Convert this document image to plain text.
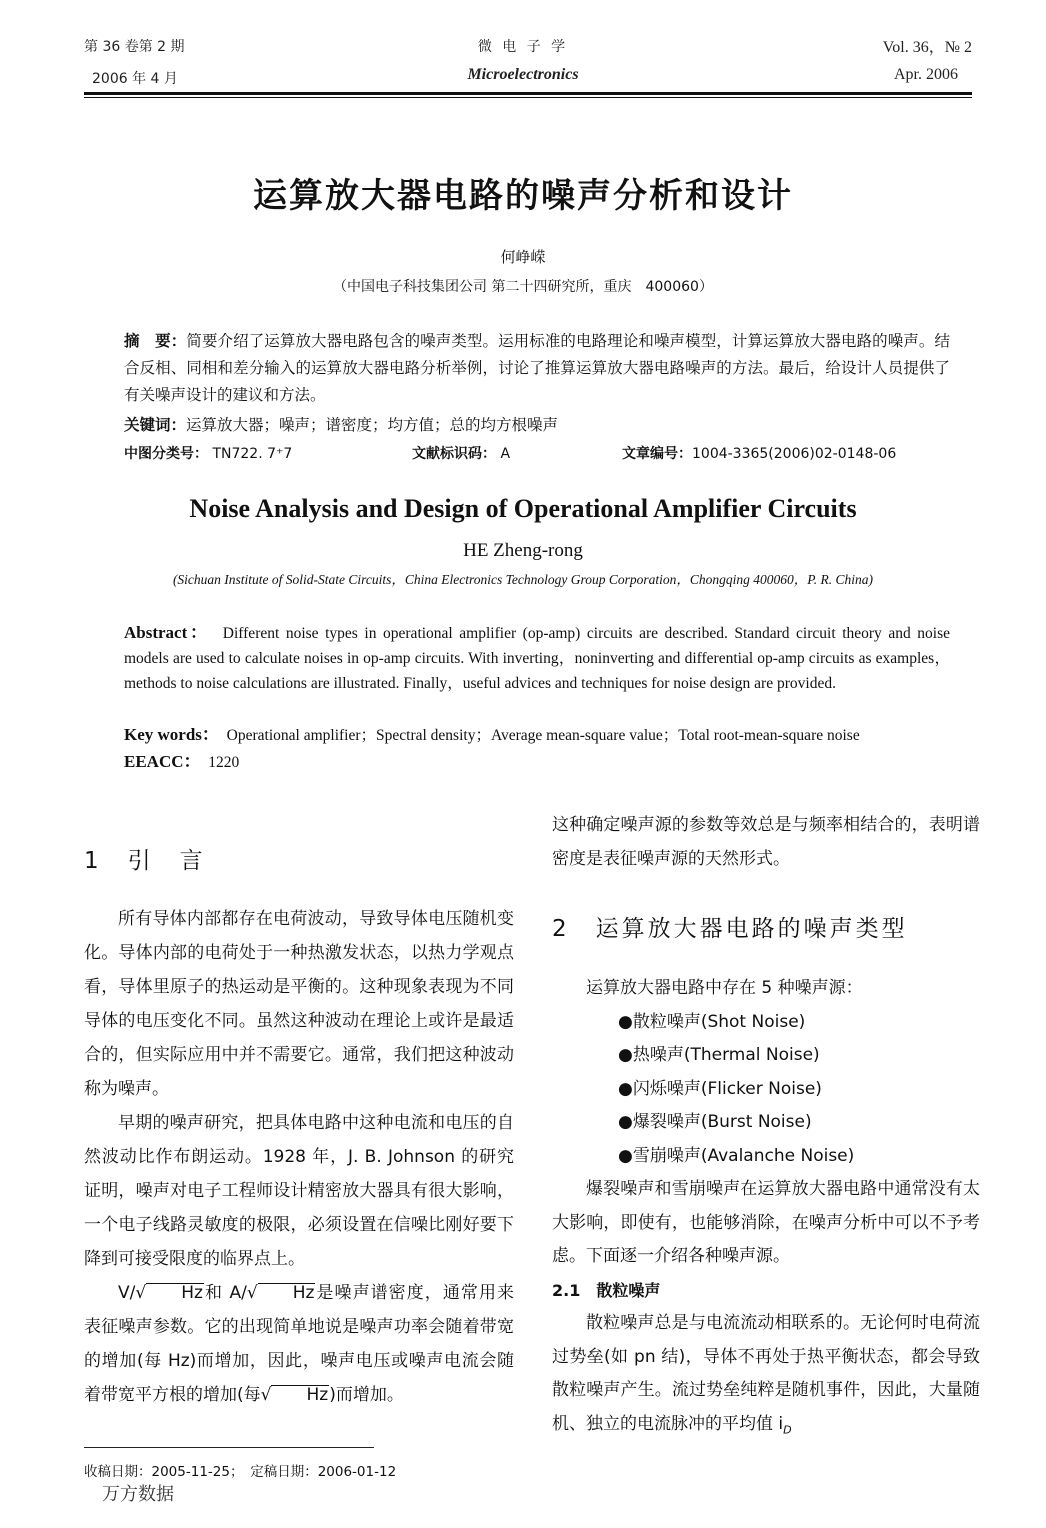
第 36 卷第 2 期	微 电 子 学	Vol. 36，№ 2
2006 年 4 月	Microelectronics	Apr. 2006
运算放大器电路的噪声分析和设计
何峥嵘
（中国电子科技集团公司 第二十四研究所，重庆　400060）
摘　要：简要介绍了运算放大器电路包含的噪声类型。运用标准的电路理论和噪声模型，计算运算放大器电路的噪声。结合反相、同相和差分输入的运算放大器电路分析举例，讨论了推算运算放大器电路噪声的方法。最后，给设计人员提供了有关噪声设计的建议和方法。
关键词：运算放大器；噪声；谱密度；均方值；总的均方根噪声
中图分类号： TN722. 7⁺7	文献标识码： A	文章编号：1004-3365(2006)02-0148-06
Noise Analysis and Design of Operational Amplifier Circuits
HE Zheng-rong
(Sichuan Institute of Solid-State Circuits，China Electronics Technology Group Corporation，Chongqing 400060，P. R. China)
Abstract： Different noise types in operational amplifier (op-amp) circuits are described. Standard circuit theory and noise models are used to calculate noises in op-amp circuits. With inverting，noninverting and differential op-amp circuits as examples，methods to noise calculations are illustrated. Finally，useful advices and techniques for noise design are provided.
Key words： Operational amplifier；Spectral density；Average mean-square value；Total root-mean-square noise
EEACC： 1220
1　引　言

所有导体内部都存在电荷波动，导致导体电压随机变化。导体内部的电荷处于一种热激发状态，以热力学观点看，导体里原子的热运动是平衡的。这种现象表现为不同导体的电压变化不同。虽然这种波动在理论上或许是最适合的，但实际应用中并不需要它。通常，我们把这种波动称为噪声。

早期的噪声研究，把具体电路中这种电流和电压的自然波动比作布朗运动。1928 年，J. B. Johnson 的研究证明，噪声对电子工程师设计精密放大器具有很大影响，一个电子线路灵敏度的极限，必须设置在信噪比刚好要下降到可接受限度的临界点上。

V/√ Hz和 A/√ Hz是噪声谱密度，通常用来表征噪声参数。它的出现简单地说是噪声功率会随着带宽的增加(每 Hz)而增加，因此，噪声电压或噪声电流会随着带宽平方根的增加(每√ Hz)而增加。

这种确定噪声源的参数等效总是与频率相结合的，表明谱密度是表征噪声源的天然形式。

2　运算放大器电路的噪声类型

运算放大器电路中存在 5 种噪声源：

●散粒噪声(Shot Noise)

●热噪声(Thermal Noise)

●闪烁噪声(Flicker Noise)

●爆裂噪声(Burst Noise)

●雪崩噪声(Avalanche Noise)

爆裂噪声和雪崩噪声在运算放大器电路中通常没有太大影响，即使有，也能够消除，在噪声分析中可以不予考虑。下面逐一介绍各种噪声源。

2.1　散粒噪声

散粒噪声总是与电流流动相联系的。无论何时电荷流过势垒(如 pn 结)，导体不再处于热平衡状态，都会导致散粒噪声产生。流过势垒纯粹是随机事件，因此，大量随机、独立的电流脉冲的平均值 $i_D$

收稿日期：2005-11-25；　定稿日期：2006-01-12
万方数据
